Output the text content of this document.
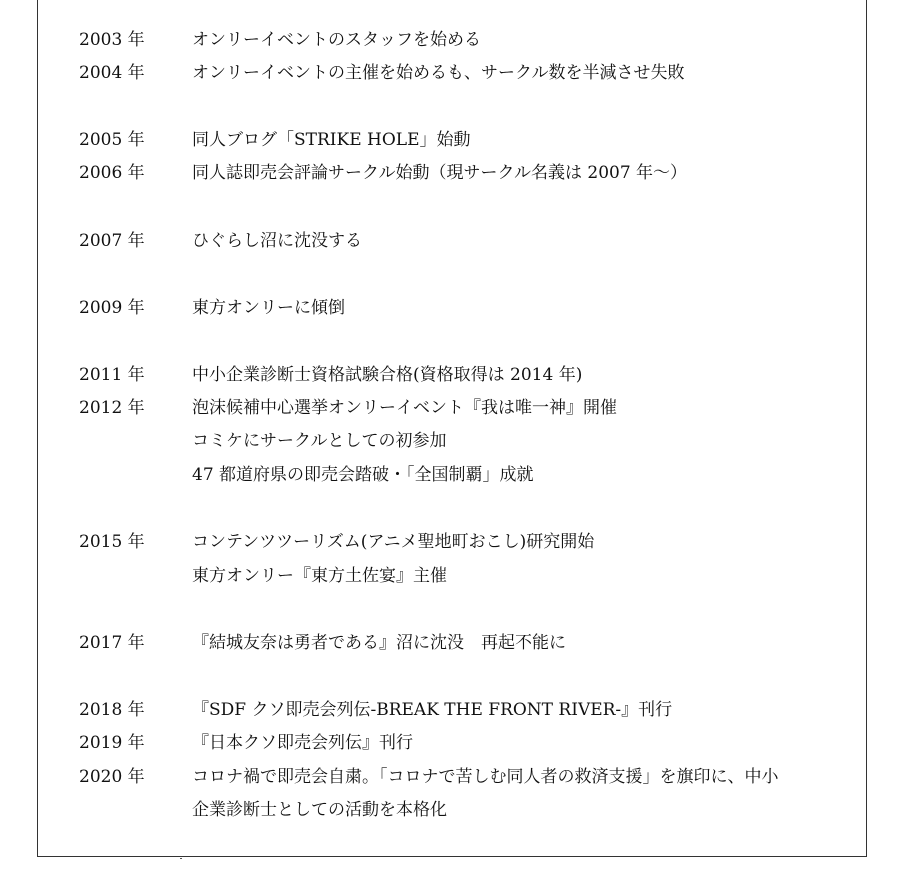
2003 年	オンリーイベントのスタッフを始める
2004 年	オンリーイベントの主催を始めるも、サークル数を半減させ失敗
2005 年	同人ブログ「STRIKE HOLE」始動
2006 年	同人誌即売会評論サークル始動（現サークル名義は 2007 年～）
2007 年	ひぐらし沼に沈没する
2009 年	東方オンリーに傾倒
2011 年	中小企業診断士資格試験合格(資格取得は 2014 年)
2012 年	泡沫候補中心選挙オンリーイベント『我は唯一神』開催
コミケにサークルとしての初参加
47 都道府県の即売会踏破・「全国制覇」成就
2015 年	コンテンツツーリズム(アニメ聖地町おこし)研究開始
東方オンリー『東方土佐宴』主催
2017 年	『結城友奈は勇者である』沼に沈没　再起不能に
2018 年	『SDF クソ即売会列伝-BREAK THE FRONT RIVER-』刊行
2019 年	『日本クソ即売会列伝』刊行
2020 年	コロナ禍で即売会自粛。「コロナで苦しむ同人者の救済支援」を旗印に、中小
企業診断士としての活動を本格化
